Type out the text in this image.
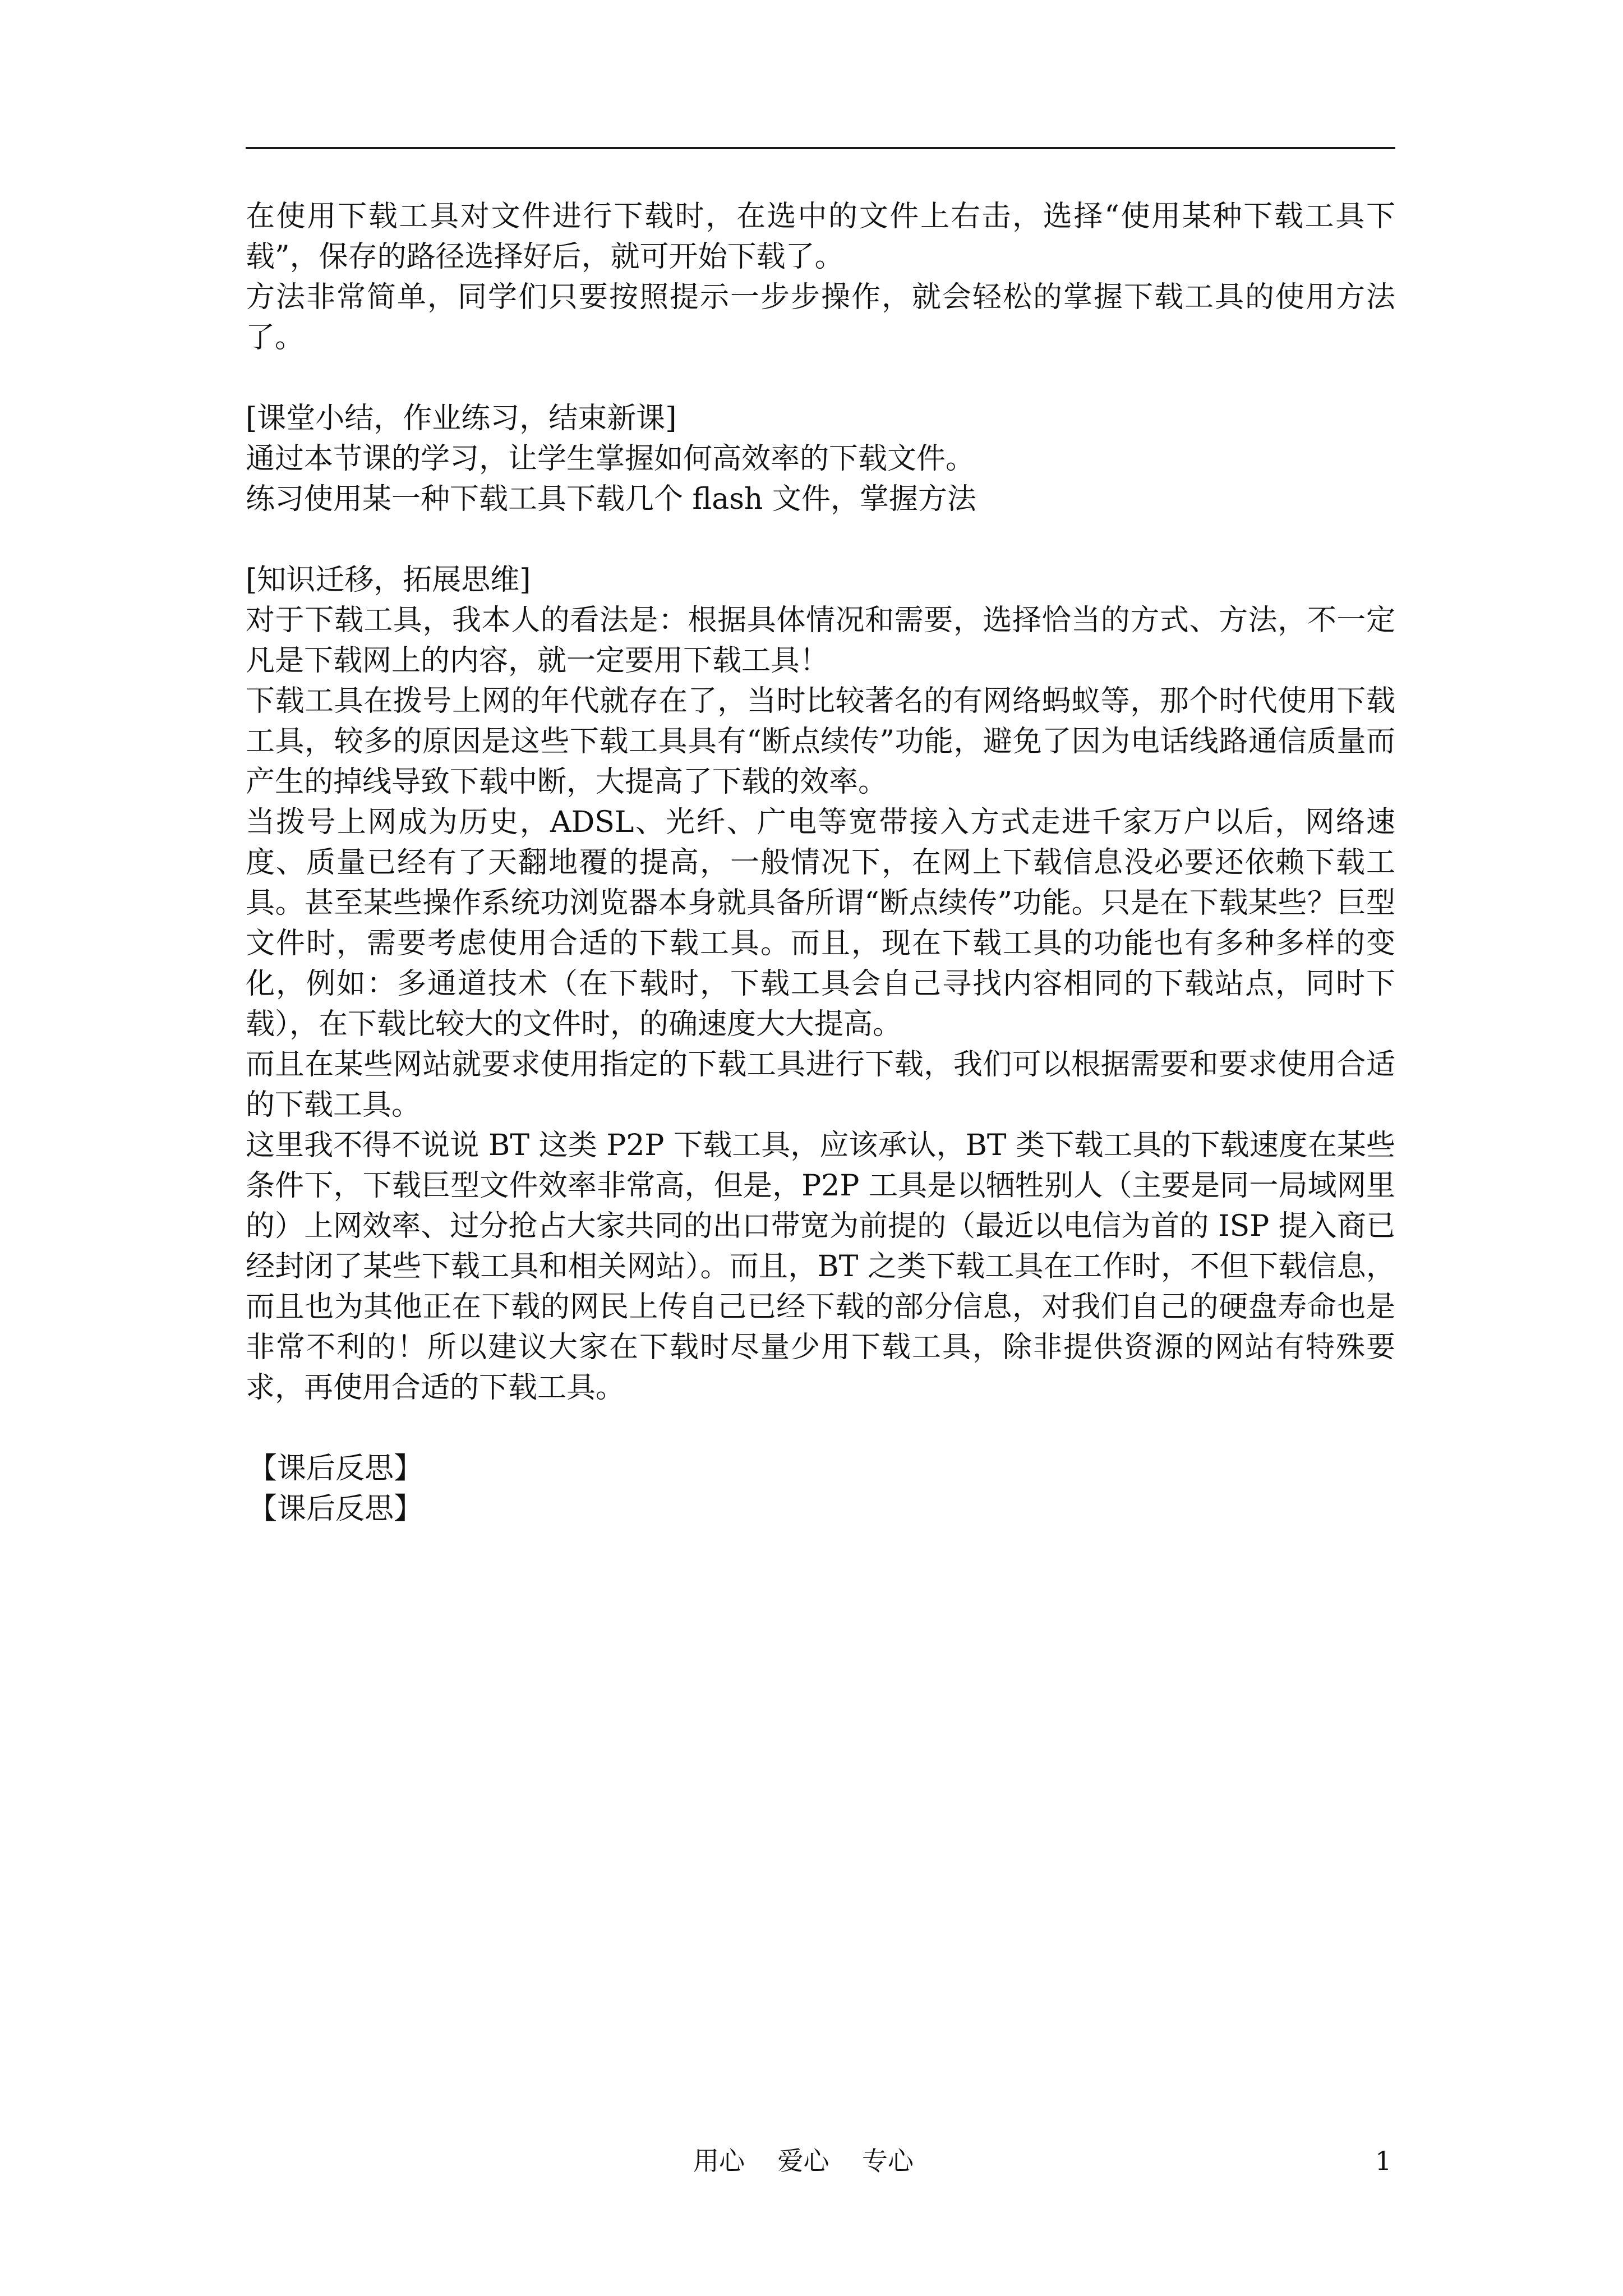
在使用下载工具对文件进行下载时，在选中的文件上右击，选择“使用某种下载工具下载”，保存的路径选择好后，就可开始下载了。

方法非常简单，同学们只要按照提示一步步操作，就会轻松的掌握下载工具的使用方法了。

[课堂小结，作业练习，结束新课]

通过本节课的学习，让学生掌握如何高效率的下载文件。

练习使用某一种下载工具下载几个 flash 文件，掌握方法

[知识迁移，拓展思维]

对于下载工具，我本人的看法是：根据具体情况和需要，选择恰当的方式、方法，不一定凡是下载网上的内容，就一定要用下载工具！

下载工具在拨号上网的年代就存在了，当时比较著名的有网络蚂蚁等，那个时代使用下载工具，较多的原因是这些下载工具具有“断点续传”功能，避免了因为电话线路通信质量而产生的掉线导致下载中断，大提高了下载的效率。

当拨号上网成为历史，ADSL、光纤、广电等宽带接入方式走进千家万户以后，网络速度、质量已经有了天翻地覆的提高，一般情况下，在网上下载信息没必要还依赖下载工具。甚至某些操作系统功浏览器本身就具备所谓“断点续传”功能。只是在下载某些？巨型文件时，需要考虑使用合适的下载工具。而且，现在下载工具的功能也有多种多样的变化，例如：多通道技术（在下载时，下载工具会自己寻找内容相同的下载站点，同时下载），在下载比较大的文件时，的确速度大大提高。

而且在某些网站就要求使用指定的下载工具进行下载，我们可以根据需要和要求使用合适的下载工具。

这里我不得不说说 BT 这类 P2P 下载工具，应该承认，BT 类下载工具的下载速度在某些条件下，下载巨型文件效率非常高，但是，P2P 工具是以牺牲别人（主要是同一局域网里的）上网效率、过分抢占大家共同的出口带宽为前提的（最近以电信为首的 ISP 提入商已经封闭了某些下载工具和相关网站）。而且，BT 之类下载工具在工作时，不但下载信息，而且也为其他正在下载的网民上传自己已经下载的部分信息，对我们自己的硬盘寿命也是非常不利的！所以建议大家在下载时尽量少用下载工具，除非提供资源的网站有特殊要求，再使用合适的下载工具。

【课后反思】

【课后反思】

用心    爱心    专心	1
